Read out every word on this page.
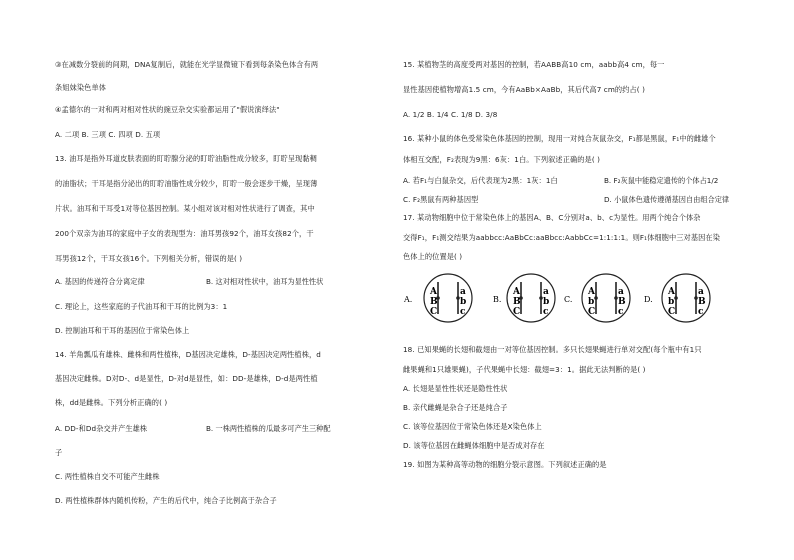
③在减数分裂前的间期，DNA复制后，就能在光学显微镜下看到每条染色体含有两
条姐妹染色单体
④孟德尔的一对和两对相对性状的豌豆杂交实验都运用了"假说演绎法"
A. 二项 B. 三项 C. 四项 D. 五项
13. 油耳是指外耳道皮肤表面的盯聍腺分泌的盯聍油脂性成分较多，盯聍呈现黏稠
的油脂状；干耳是指分泌出的盯聍油脂性成分较少，盯聍一般会逐步干燥，呈现薄
片状。油耳和干耳受1对等位基因控制。某小组对该对相对性状进行了调查，其中
200个双亲为油耳的家庭中子女的表现型为：油耳男孩92个，油耳女孩82个，干
耳男孩12个，干耳女孩16个。下列相关分析，错误的是( )
A. 基因的传递符合分离定律	B. 这对相对性状中，油耳为显性性状
C. 理论上，这些家庭的子代油耳和干耳的比例为3：1
D. 控制油耳和干耳的基因位于常染色体上
14. 羊角瓢瓜有雄株、雌株和两性植株，D基因决定雄株，D-基因决定两性植株，d
基因决定雌株。D对D-、d是显性，D-对d是显性，如：DD-是雄株，D-d是两性植
株，dd是雌株。下列分析正确的( )
A. DD-和Dd杂交并产生雄株	B. 一株两性植株的瓜最多可产生三种配
子
C. 两性植株自交不可能产生雌株
D. 两性植株群体内随机传粉，产生的后代中，纯合子比例高于杂合子
15. 某植物茎的高度受两对基因的控制，若AABB高10 cm，aabb高4 cm，每一
显性基因使植物增高1.5 cm，今有AaBb×AaBb，其后代高7 cm的约占( )
A. 1/2 B. 1/4 C. 1/8 D. 3/8
16. 某种小鼠的体色受常染色体基因的控制，现用一对纯合灰鼠杂交，F₁都是黑鼠，F₁中的雌雄个
体相互交配，F₂表现为9黑：6灰：1白。下列叙述正确的是( )
A. 若F₁与白鼠杂交，后代表现为2黑：1灰：1白	B. F₂灰鼠中能稳定遗传的个体占1/2
C. F₂黑鼠有两种基因型	D. 小鼠体色遗传遵循基因自由组合定律
17. 某动物细胞中位于常染色体上的基因A、B、C分别对a、b、c为显性。用两个纯合个体杂
交得F₁，F₁测交结果为aabbcc:AaBbCc:aaBbcc:AabbCc=1:1:1:1。则F₁体细胞中三对基因在染
色体上的位置是( )
18. 已知果蝇的长翅和截翅由一对等位基因控制。多只长翅果蝇进行单对交配(每个瓶中有1只
雌果蝇和1只雄果蝇)，子代果蝇中长翅：截翅=3：1。据此无法判断的是( )
A. 长翅是显性性状还是隐性性状
B. 亲代雌蝇是杂合子还是纯合子
C. 该等位基因位于常染色体还是X染色体上
D. 该等位基因在雌蝇体细胞中是否成对存在
19. 如图为某种高等动物的细胞分裂示意图。下列叙述正确的是
A.	B.	C.	D.
A
B
C
a
b
c
A
B
C
a
b
c
A
b
C
a
B
c
A
b
C
a
B
c
